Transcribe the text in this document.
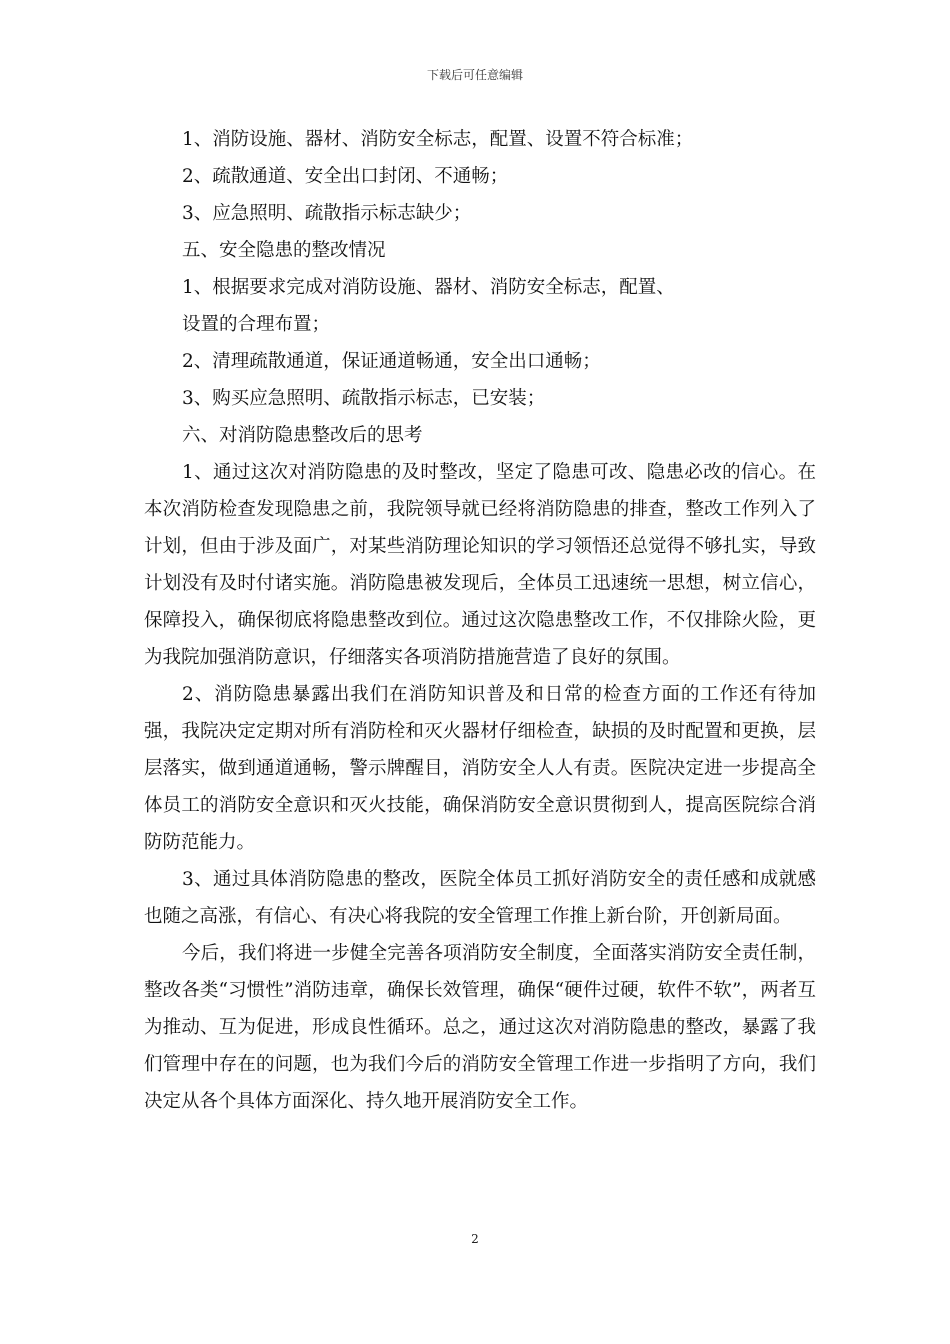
下载后可任意编辑
1、消防设施、器材、消防安全标志，配置、设置不符合标准；
2、疏散通道、安全出口封闭、不通畅；
3、应急照明、疏散指示标志缺少；
五、安全隐患的整改情况
1、根据要求完成对消防设施、器材、消防安全标志，配置、
设置的合理布置；
2、清理疏散通道，保证通道畅通，安全出口通畅；
3、购买应急照明、疏散指示标志，已安装；
六、对消防隐患整改后的思考

1、通过这次对消防隐患的及时整改，坚定了隐患可改、隐患必改的信心。在本次消防检查发现隐患之前，我院领导就已经将消防隐患的排查，整改工作列入了计划，但由于涉及面广，对某些消防理论知识的学习领悟还总觉得不够扎实，导致计划没有及时付诸实施。消防隐患被发现后，全体员工迅速统一思想，树立信心，保障投入，确保彻底将隐患整改到位。通过这次隐患整改工作，不仅排除火险，更为我院加强消防意识，仔细落实各项消防措施营造了良好的氛围。

2、消防隐患暴露出我们在消防知识普及和日常的检查方面的工作还有待加强，我院决定定期对所有消防栓和灭火器材仔细检查，缺损的及时配置和更换，层层落实，做到通道通畅，警示牌醒目，消防安全人人有责。医院决定进一步提高全体员工的消防安全意识和灭火技能，确保消防安全意识贯彻到人，提高医院综合消防防范能力。

3、通过具体消防隐患的整改，医院全体员工抓好消防安全的责任感和成就感也随之高涨，有信心、有决心将我院的安全管理工作推上新台阶，开创新局面。

今后，我们将进一步健全完善各项消防安全制度，全面落实消防安全责任制，整改各类“习惯性”消防违章，确保长效管理，确保“硬件过硬，软件不软”，两者互为推动、互为促进，形成良性循环。总之，通过这次对消防隐患的整改，暴露了我们管理中存在的问题，也为我们今后的消防安全管理工作进一步指明了方向，我们决定从各个具体方面深化、持久地开展消防安全工作。

2
